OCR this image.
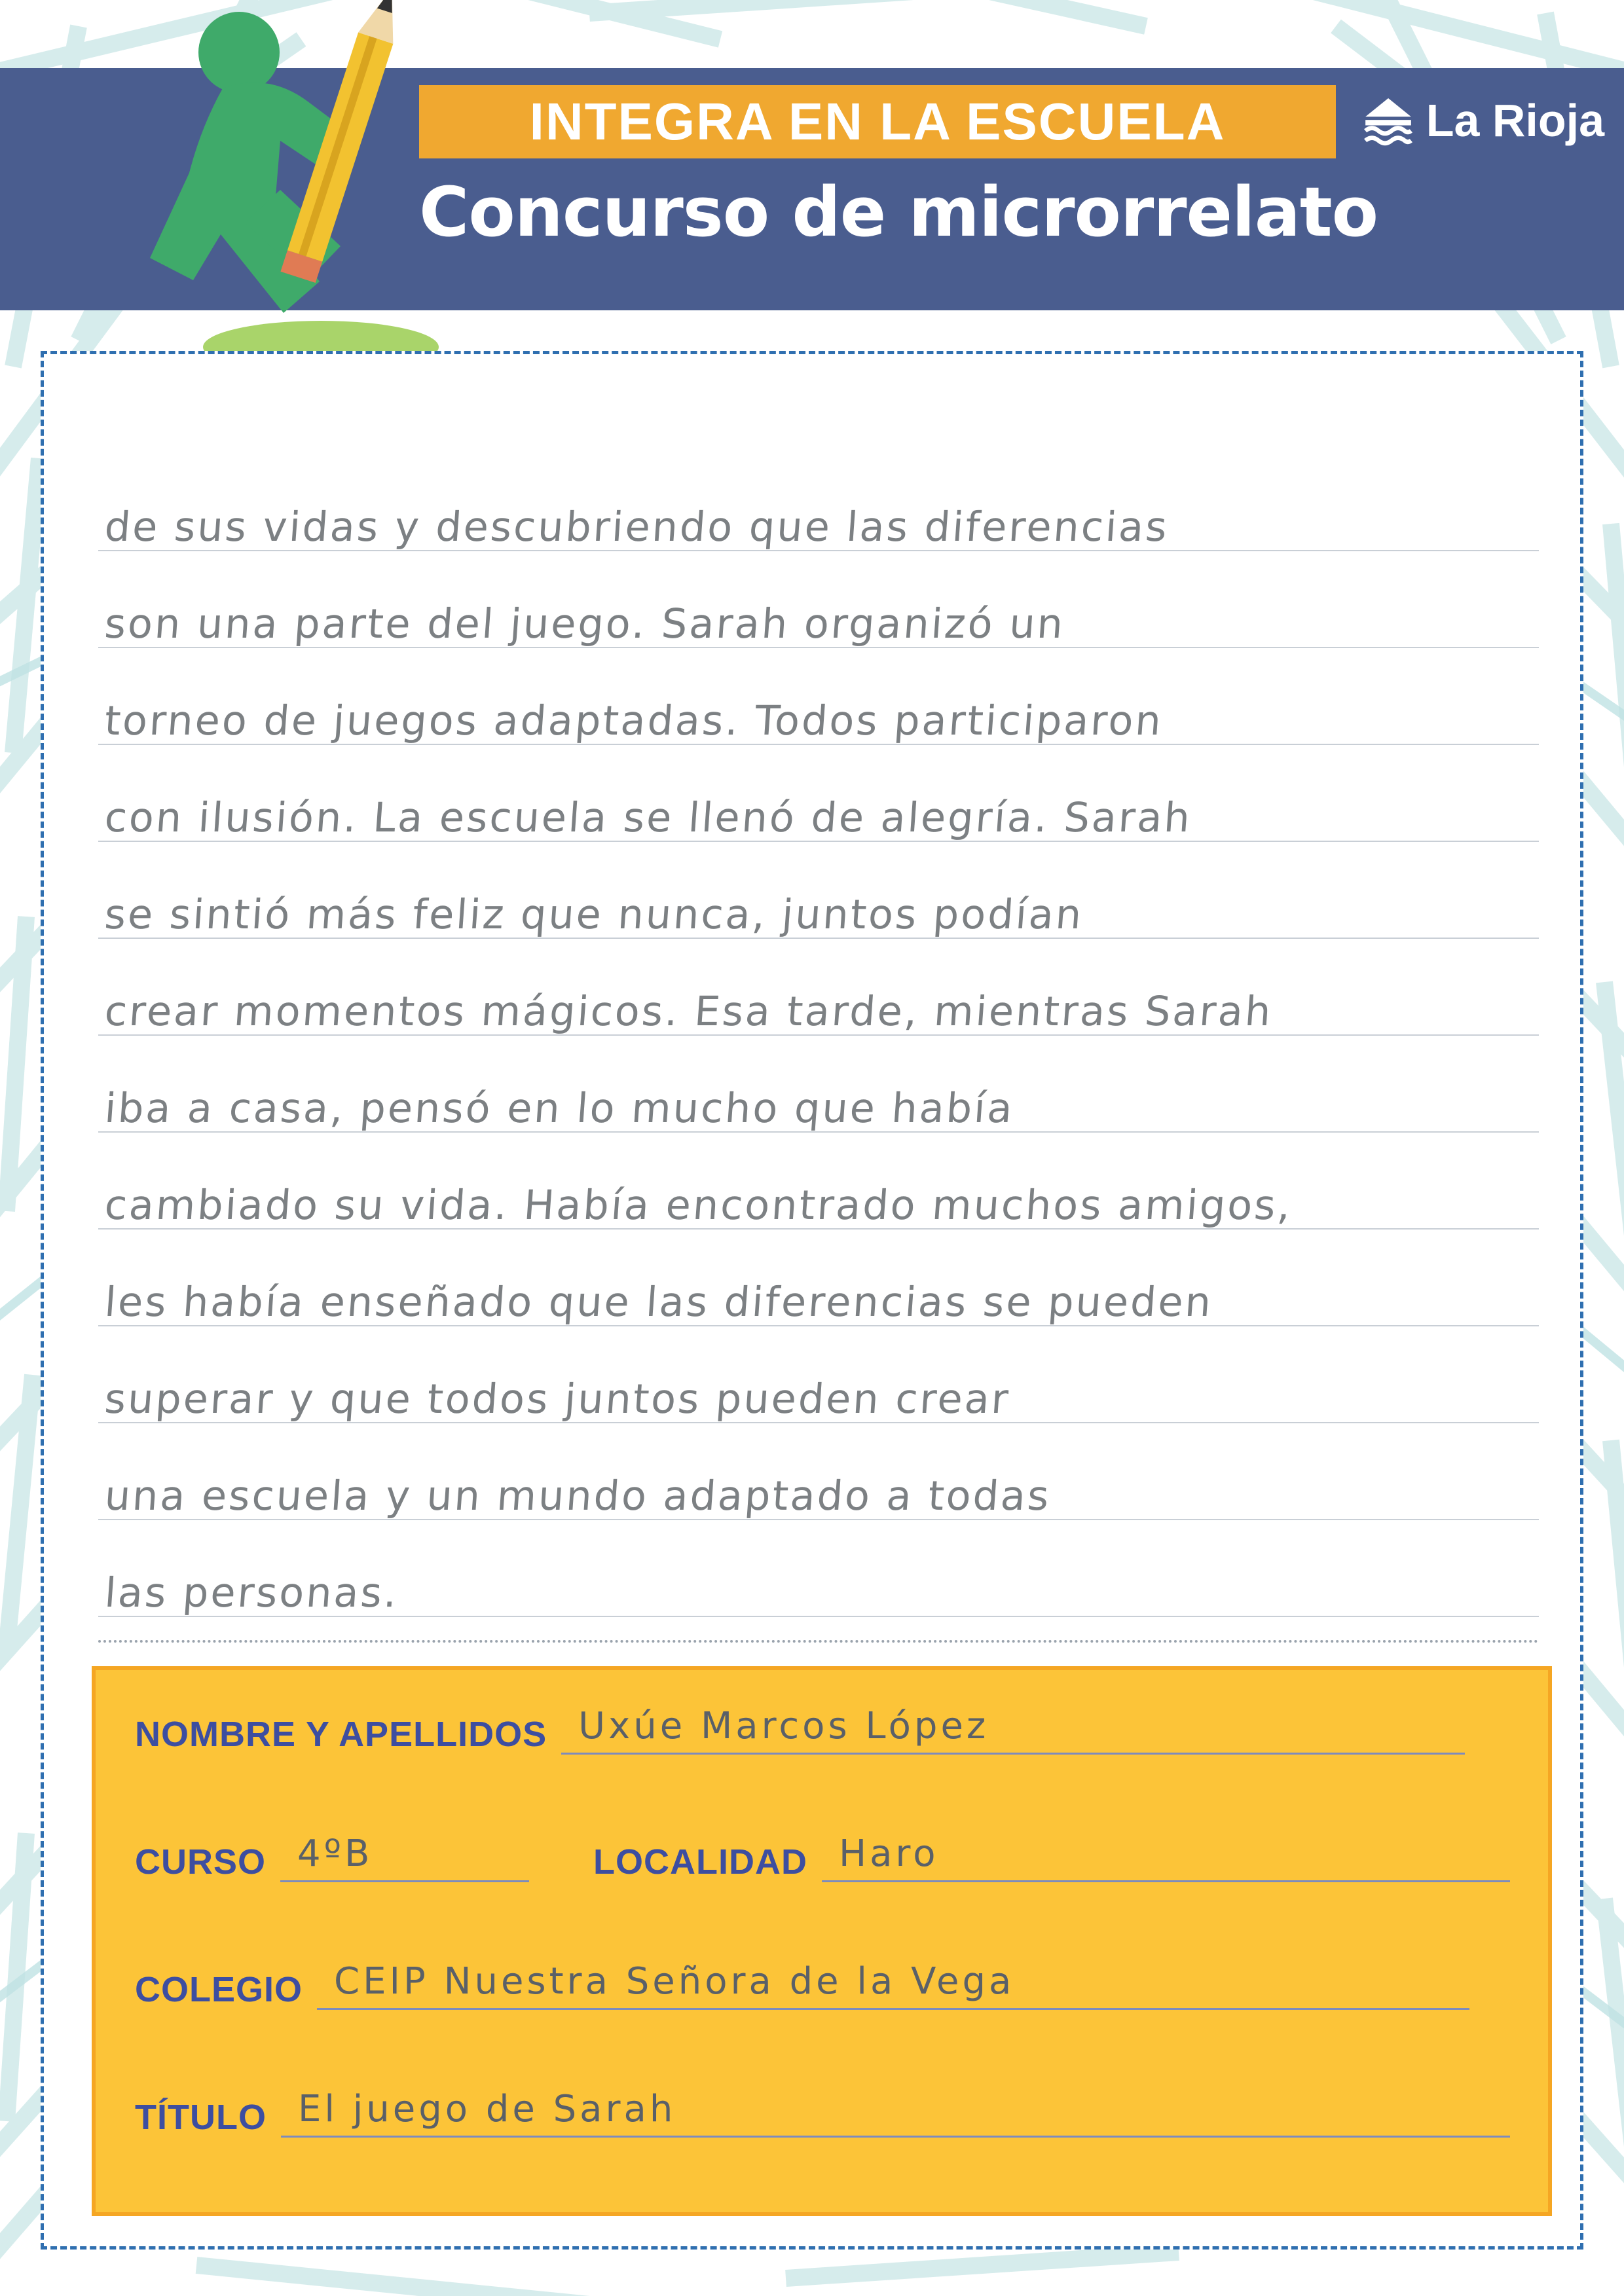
INTEGRA EN LA ESCUELA
Concurso de microrrelato
La Rioja
de sus vidas y descubriendo que las diferencias
son una parte del juego. Sarah organizó un
torneo de juegos adaptadas. Todos participaron
con ilusión. La escuela se llenó de alegría. Sarah
se sintió más feliz que nunca, juntos podían
crear momentos mágicos. Esa tarde, mientras Sarah
iba a casa, pensó en lo mucho que había
cambiado su vida. Había encontrado muchos amigos,
les había enseñado que las diferencias se pueden
superar y que todos juntos pueden crear
una escuela y un mundo adaptado a todas
las personas.
NOMBRE Y APELLIDOS Uxúe Marcos López
CURSO 4ºB	LOCALIDAD Haro
COLEGIO CEIP Nuestra Señora de la Vega
TÍTULO El juego de Sarah
